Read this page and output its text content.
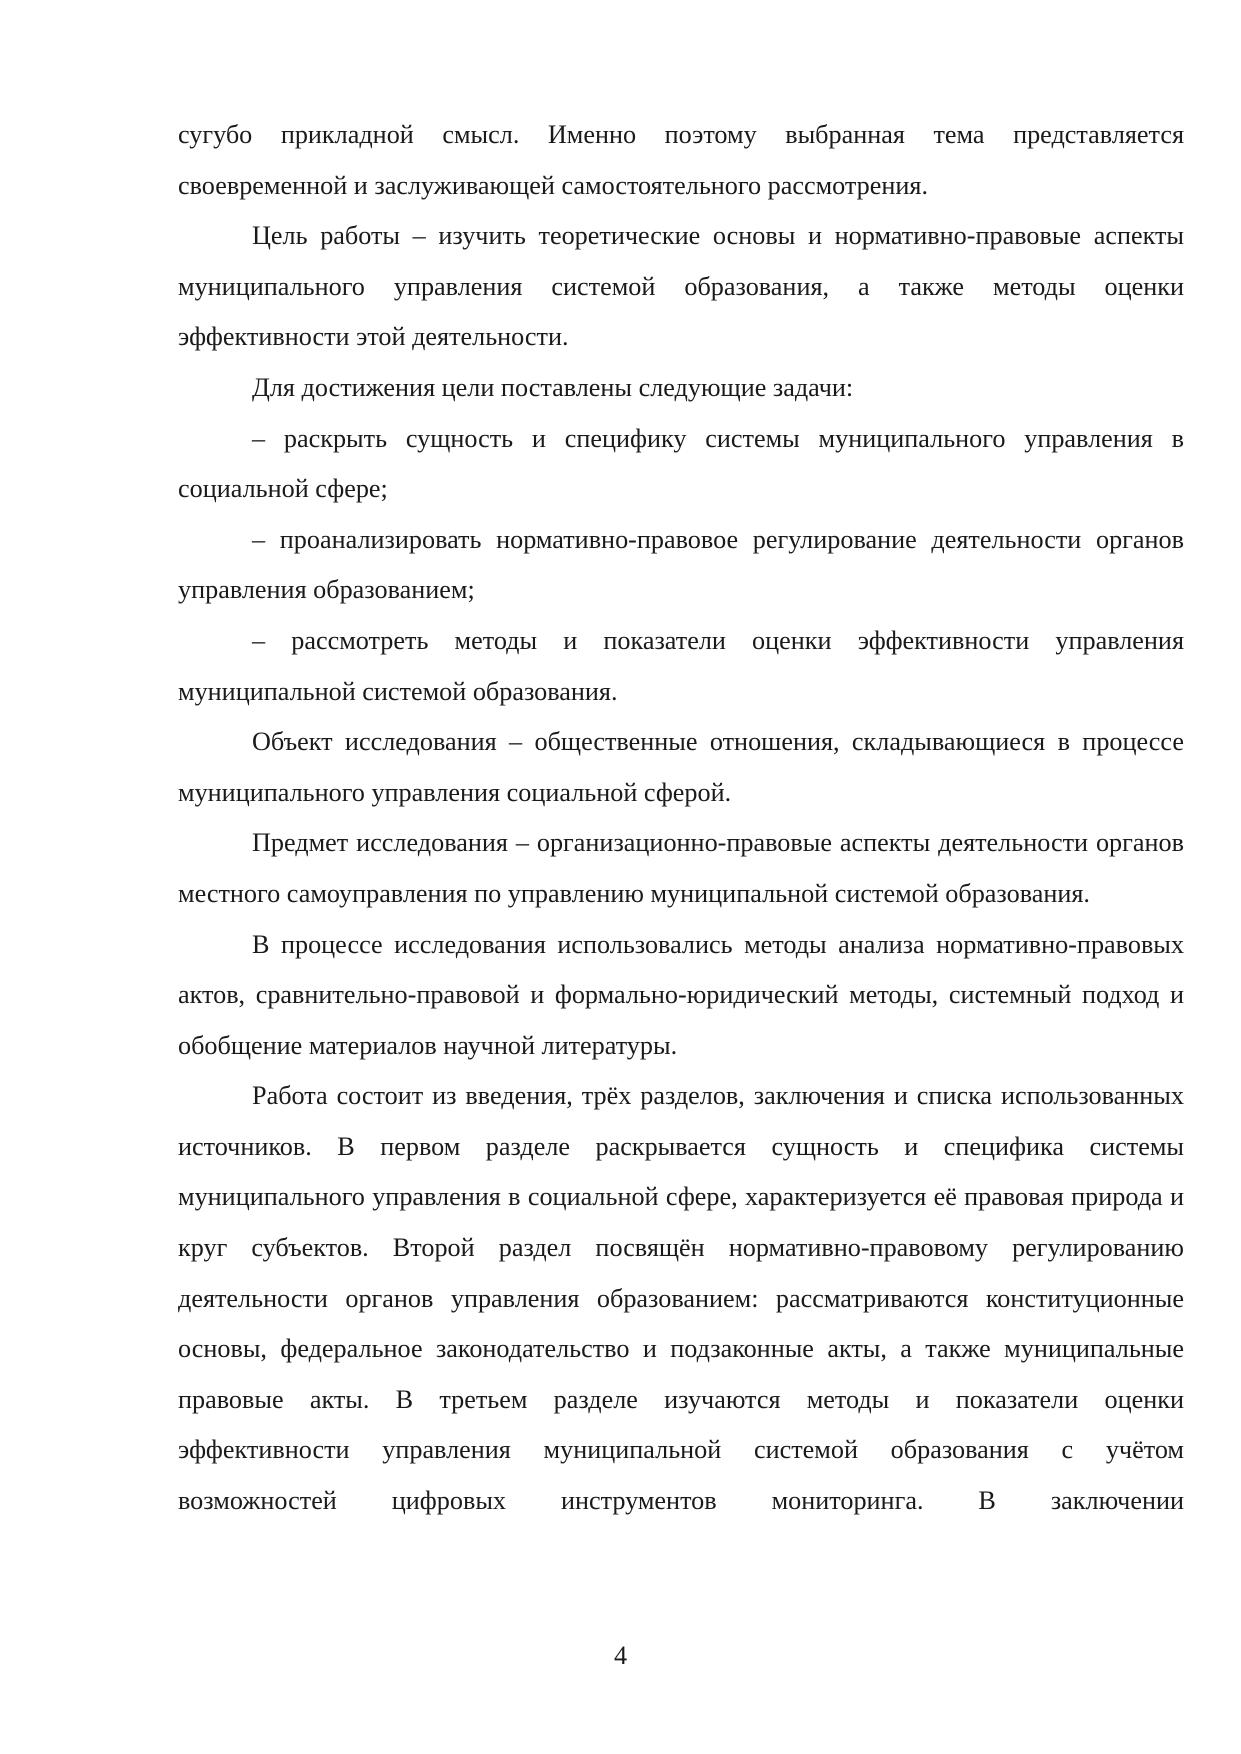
сугубо прикладной смысл. Именно поэтому выбранная тема представляется своевременной и заслуживающей самостоятельного рассмотрения.

Цель работы – изучить теоретические основы и нормативно-правовые аспекты муниципального управления системой образования, а также методы оценки эффективности этой деятельности.

Для достижения цели поставлены следующие задачи:

– раскрыть сущность и специфику системы муниципального управления в социальной сфере;

– проанализировать нормативно-правовое регулирование деятельности органов управления образованием;

– рассмотреть методы и показатели оценки эффективности управления муниципальной системой образования.

Объект исследования – общественные отношения, складывающиеся в процессе муниципального управления социальной сферой.

Предмет исследования – организационно-правовые аспекты деятельности органов местного самоуправления по управлению муниципальной системой образования.

В процессе исследования использовались методы анализа нормативно-правовых актов, сравнительно-правовой и формально-юридический методы, системный подход и обобщение материалов научной литературы.

Работа состоит из введения, трёх разделов, заключения и списка использованных источников. В первом разделе раскрывается сущность и специфика системы муниципального управления в социальной сфере, характеризуется её правовая природа и круг субъектов. Второй раздел посвящён нормативно-правовому регулированию деятельности органов управления образованием: рассматриваются конституционные основы, федеральное законодательство и подзаконные акты, а также муниципальные правовые акты. В третьем разделе изучаются методы и показатели оценки эффективности управления муниципальной системой образования с учётом возможностей цифровых инструментов мониторинга. В заключении

4
